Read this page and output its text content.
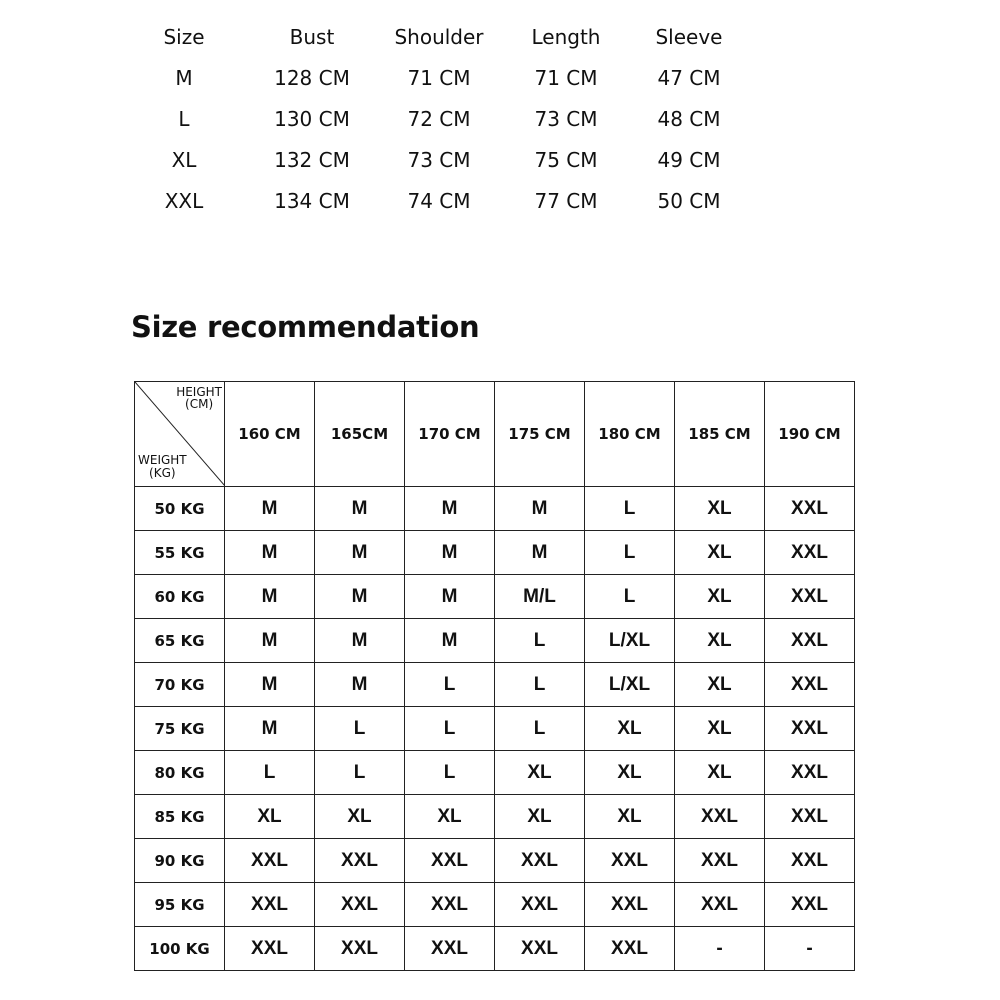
Size	Bust	Shoulder	Length	Sleeve
M	128 CM	71 CM	71 CM	47 CM
L	130 CM	72 CM	73 CM	48 CM
XL	132 CM	73 CM	75 CM	49 CM
XXL	134 CM	74 CM	77 CM	50 CM
Size recommendation
HEIGHT
(CM)
WEIGHT
(KG)	160 CM	165CM	170 CM	175 CM	180 CM	185 CM	190 CM
50 KG	M	M	M	M	L	XL	XXL
55 KG	M	M	M	M	L	XL	XXL
60 KG	M	M	M	M/L	L	XL	XXL
65 KG	M	M	M	L	L/XL	XL	XXL
70 KG	M	M	L	L	L/XL	XL	XXL
75 KG	M	L	L	L	XL	XL	XXL
80 KG	L	L	L	XL	XL	XL	XXL
85 KG	XL	XL	XL	XL	XL	XXL	XXL
90 KG	XXL	XXL	XXL	XXL	XXL	XXL	XXL
95 KG	XXL	XXL	XXL	XXL	XXL	XXL	XXL
100 KG	XXL	XXL	XXL	XXL	XXL	-	-
